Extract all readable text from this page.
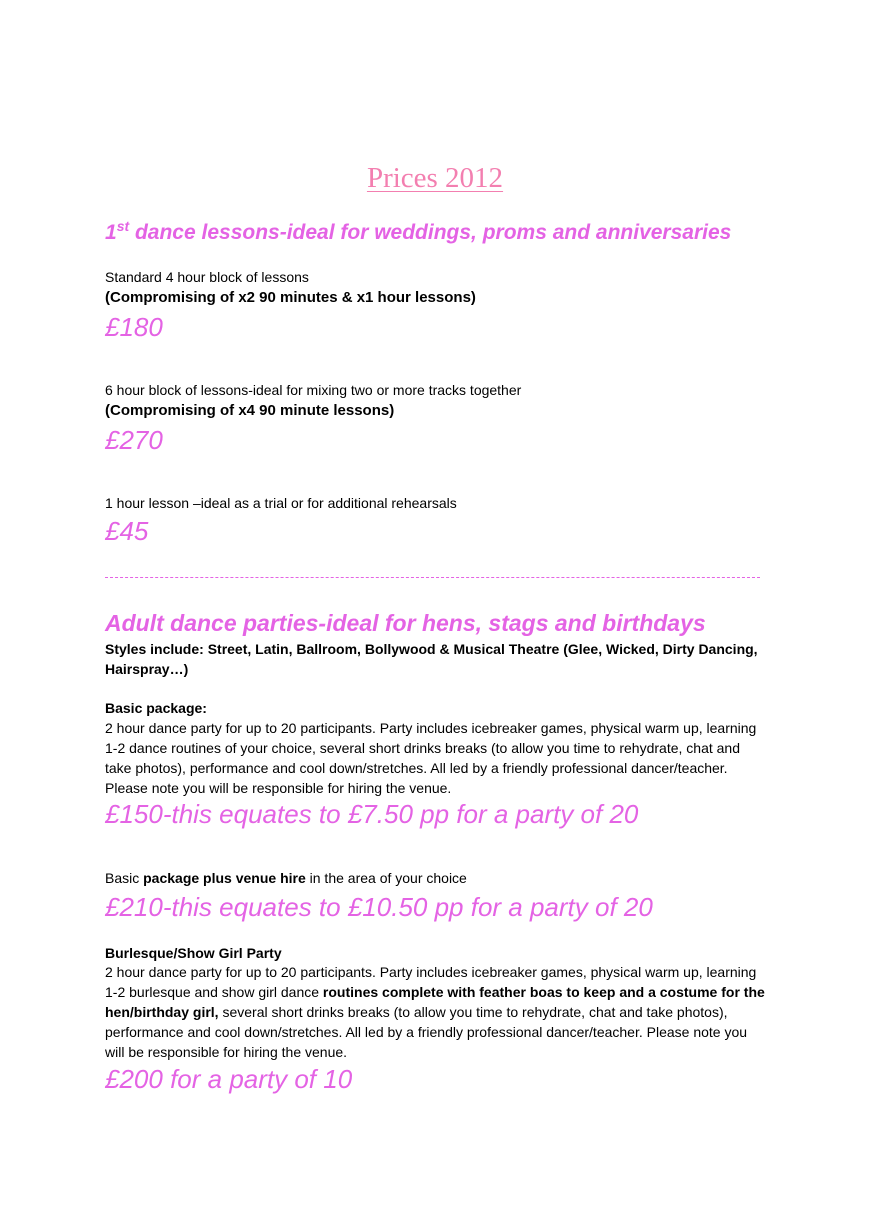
Prices 2012
1st dance lessons-ideal for weddings, proms and anniversaries
Standard 4 hour block of lessons
(Compromising of x2 90 minutes & x1 hour lessons)
£180
6 hour block of lessons-ideal for mixing two or more tracks together
(Compromising of x4 90 minute lessons)
£270
1 hour lesson –ideal as a trial or for additional rehearsals
£45
Adult dance parties-ideal for hens, stags and birthdays
Styles include: Street, Latin, Ballroom, Bollywood & Musical Theatre (Glee, Wicked, Dirty Dancing,
Hairspray…)
Basic package:
2 hour dance party for up to 20 participants. Party includes icebreaker games, physical warm up, learning 1-2 dance routines of your choice, several short drinks breaks (to allow you time to rehydrate, chat and take photos), performance and cool down/stretches. All led by a friendly professional dancer/teacher. Please note you will be responsible for hiring the venue.
£150-this equates to £7.50 pp for a party of 20
Basic package plus venue hire in the area of your choice
£210-this equates to £10.50 pp for a party of 20
Burlesque/Show Girl Party
2 hour dance party for up to 20 participants. Party includes icebreaker games, physical warm up, learning 1-2 burlesque and show girl dance routines complete with feather boas to keep and a costume for the hen/birthday girl, several short drinks breaks (to allow you time to rehydrate, chat and take photos), performance and cool down/stretches. All led by a friendly professional dancer/teacher. Please note you will be responsible for hiring the venue.
£200 for a party of 10
